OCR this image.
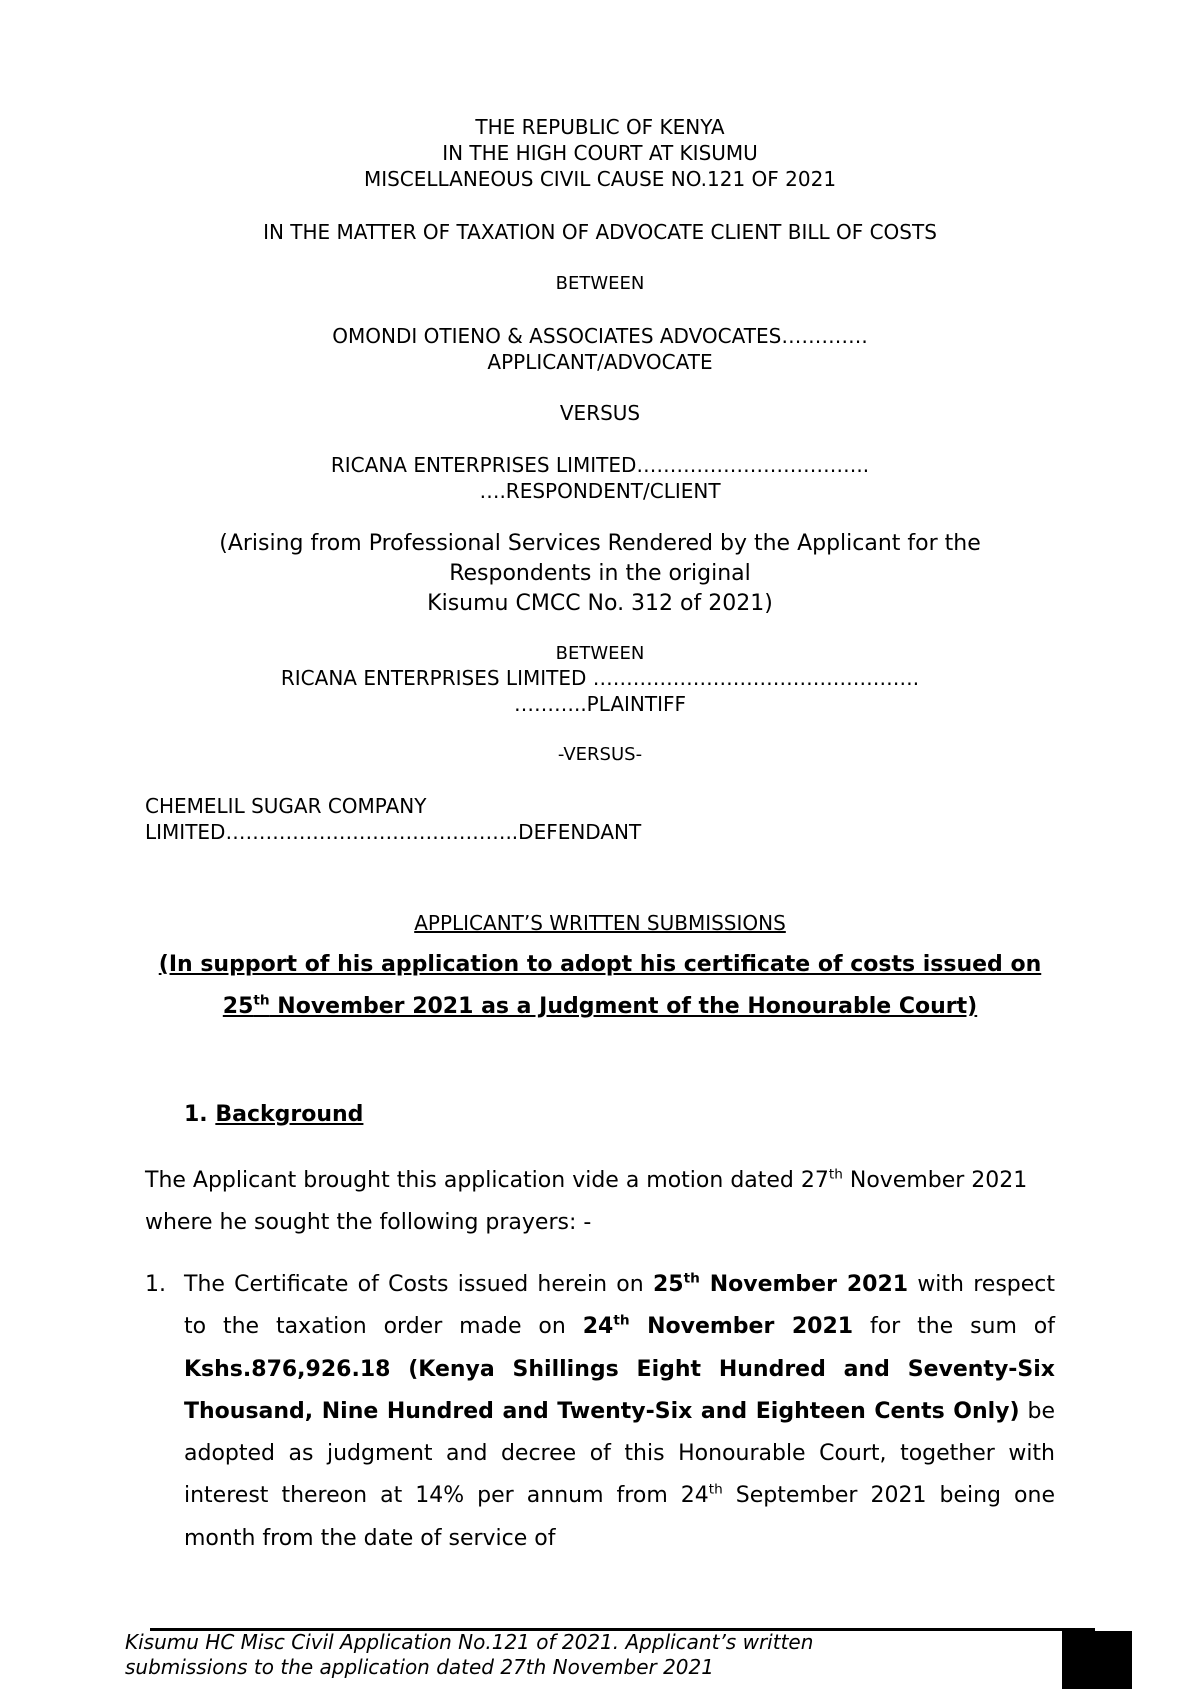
THE REPUBLIC OF KENYA
IN THE HIGH COURT AT KISUMU
MISCELLANEOUS CIVIL CAUSE NO.121 OF 2021
IN THE MATTER OF TAXATION OF ADVOCATE CLIENT BILL OF COSTS
BETWEEN
OMONDI OTIENO & ASSOCIATES ADVOCATES………….
APPLICANT/ADVOCATE
VERSUS
RICANA ENTERPRISES LIMITED……………………………..
….RESPONDENT/CLIENT
(Arising from Professional Services Rendered by the Applicant for the
Respondents in the original
Kisumu CMCC No. 312 of 2021)
BETWEEN
RICANA ENTERPRISES LIMITED ………………………………………….
………..PLAINTIFF
-VERSUS-
CHEMELIL SUGAR COMPANY
LIMITED……………………………………..DEFENDANT
APPLICANT’S WRITTEN SUBMISSIONS
(In support of his application to adopt his certificate of costs issued on 25th November 2021 as a Judgment of the Honourable Court)
1. Background
The Applicant brought this application vide a motion dated 27th November 2021 where he sought the following prayers: -
1. The Certificate of Costs issued herein on 25th November 2021 with respect to the taxation order made on 24th November 2021 for the sum of Kshs.876,926.18 (Kenya Shillings Eight Hundred and Seventy-Six Thousand, Nine Hundred and Twenty-Six and Eighteen Cents Only) be adopted as judgment and decree of this Honourable Court, together with interest thereon at 14% per annum from 24th September 2021 being one month from the date of service of
Kisumu HC Misc Civil Application No.121 of 2021. Applicant’s written
submissions to the application dated 27th November 2021	1
